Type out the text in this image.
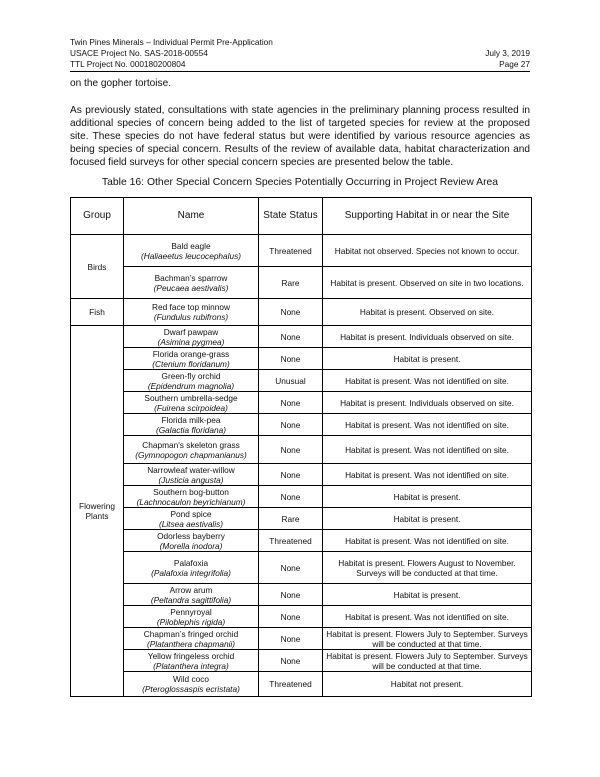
Twin Pines Minerals – Individual Permit Pre-Application
USACE Project No. SAS-2018-00554	July 3, 2019
TTL Project No. 000180200804	Page 27

on the gopher tortoise.

As previously stated, consultations with state agencies in the preliminary planning process resulted in additional species of concern being added to the list of targeted species for review at the proposed site. These species do not have federal status but were identified by various resource agencies as being species of special concern. Results of the review of available data, habitat characterization and focused field surveys for other special concern species are presented below the table.

Table 16: Other Special Concern Species Potentially Occurring in Project Review Area
Group	Name	State Status	Supporting Habitat in or near the Site
Birds	Bald eagle
(Haliaeetus leucocephalus)	Threatened	Habitat not observed. Species not known to occur.

	Bachman’s sparrow
(Peucaea aestivalis)	Rare	Habitat is present. Observed on site in two locations.
Fish	Red face top minnow
(Fundulus rubifrons)	None	Habitat is present. Observed on site.
Flowering Plants	Dwarf pawpaw
(Asimina pygmea)	None	Habitat is present. Individuals observed on site.

	Florida orange-grass
(Ctenium floridanum)	None	Habitat is present.

	Green-fly orchid
(Epidendrum magnolia)	Unusual	Habitat is present. Was not identified on site.

	Southern umbrella-sedge
(Fuirena scirpoidea)	None	Habitat is present. Individuals observed on site.

	Florida milk-pea
(Galactia floridana)	None	Habitat is present. Was not identified on site.

	Chapman's skeleton grass
(Gymnopogon chapmanianus)	None	Habitat is present. Was not identified on site.

	Narrowleaf water-willow
(Justicia angusta)	None	Habitat is present. Was not identified on site.

	Southern bog-button
(Lachnocaulon beyrichianum)	None	Habitat is present.

	Pond spice
(Litsea aestivalis)	Rare	Habitat is present.

	Odorless bayberry
(Morella inodora)	Threatened	Habitat is present. Was not identified on site.

	Palafoxia
(Palafoxia integrifolia)	None	Habitat is present. Flowers August to November. Surveys will be conducted at that time.

	Arrow arum
(Peltandra sagittifolia)	None	Habitat is present.

	Pennyroyal
(Piloblephis rigida)	None	Habitat is present. Was not identified on site.

	Chapman’s fringed orchid
(Platanthera chapmanii)	None	Habitat is present. Flowers July to September. Surveys will be conducted at that time.

	Yellow fringeless orchid
(Platanthera integra)	None	Habitat is present. Flowers July to September. Surveys will be conducted at that time.

	Wild coco
(Pteroglossaspis ecristata)	Threatened	Habitat not present.
